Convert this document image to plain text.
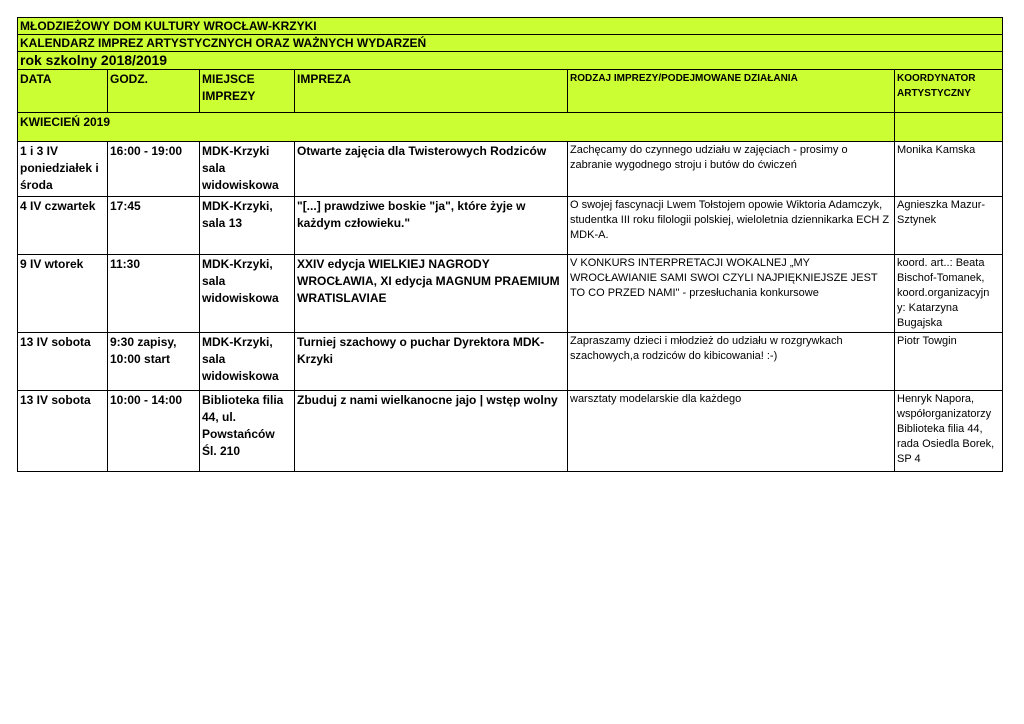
MŁODZIEŻOWY DOM KULTURY WROCŁAW-KRZYKI					
KALENDARZ IMPREZ ARTYSTYCZNYCH ORAZ WAŻNYCH WYDARZEŃ					
rok szkolny 2018/2019					
DATA	GODZ.	MIEJSCE IMPREZY	IMPREZA	RODZAJ IMPREZY/PODEJMOWANE DZIAŁANIA	KOORDYNATOR ARTYSTYCZNY
KWIECIEŃ 2019					
1 i 3 IV poniedziałek i środa	16:00 - 19:00	MDK-Krzyki sala widowiskowa	Otwarte zajęcia dla Twisterowych Rodziców	Zachęcamy do czynnego udziału w zajęciach - prosimy o zabranie wygodnego stroju i butów do ćwiczeń	Monika Kamska
4 IV czwartek	17:45	MDK-Krzyki, sala 13	"[...] prawdziwe boskie "ja", które żyje w każdym człowieku."	O swojej fascynacji Lwem Tołstojem opowie Wiktoria Adamczyk, studentka III roku filologii polskiej, wieloletnia dziennikarka ECH Z MDK-A.	Agnieszka Mazur-Sztynek
9 IV wtorek	11:30	MDK-Krzyki, sala widowiskowa	XXIV edycja WIELKIEJ NAGRODY WROCŁAWIA, XI edycja MAGNUM PRAEMIUM WRATISLAVIAE	V KONKURS INTERPRETACJI WOKALNEJ „MY WROCŁAWIANIE SAMI SWOI CZYLI NAJPIĘKNIEJSZE JEST TO CO PRZED NAMI" - przesłuchania konkursowe	koord. art..: Beata Bischof-Tomanek, koord.organizacyjn y: Katarzyna Bugajska
13 IV sobota	9:30 zapisy, 10:00 start	MDK-Krzyki, sala widowiskowa	Turniej szachowy o puchar Dyrektora MDK-Krzyki	Zapraszamy dzieci i młodzież do udziału w rozgrywkach szachowych,a rodziców do kibicowania! :-)	Piotr Towgin
13 IV sobota	10:00 - 14:00	Biblioteka filia 44, ul. Powstańców Śl. 210	Zbuduj z nami wielkanocne jajo | wstęp wolny	warsztaty modelarskie dla każdego	Henryk Napora, współorganizatorzy Biblioteka filia 44, rada Osiedla Borek, SP 4
